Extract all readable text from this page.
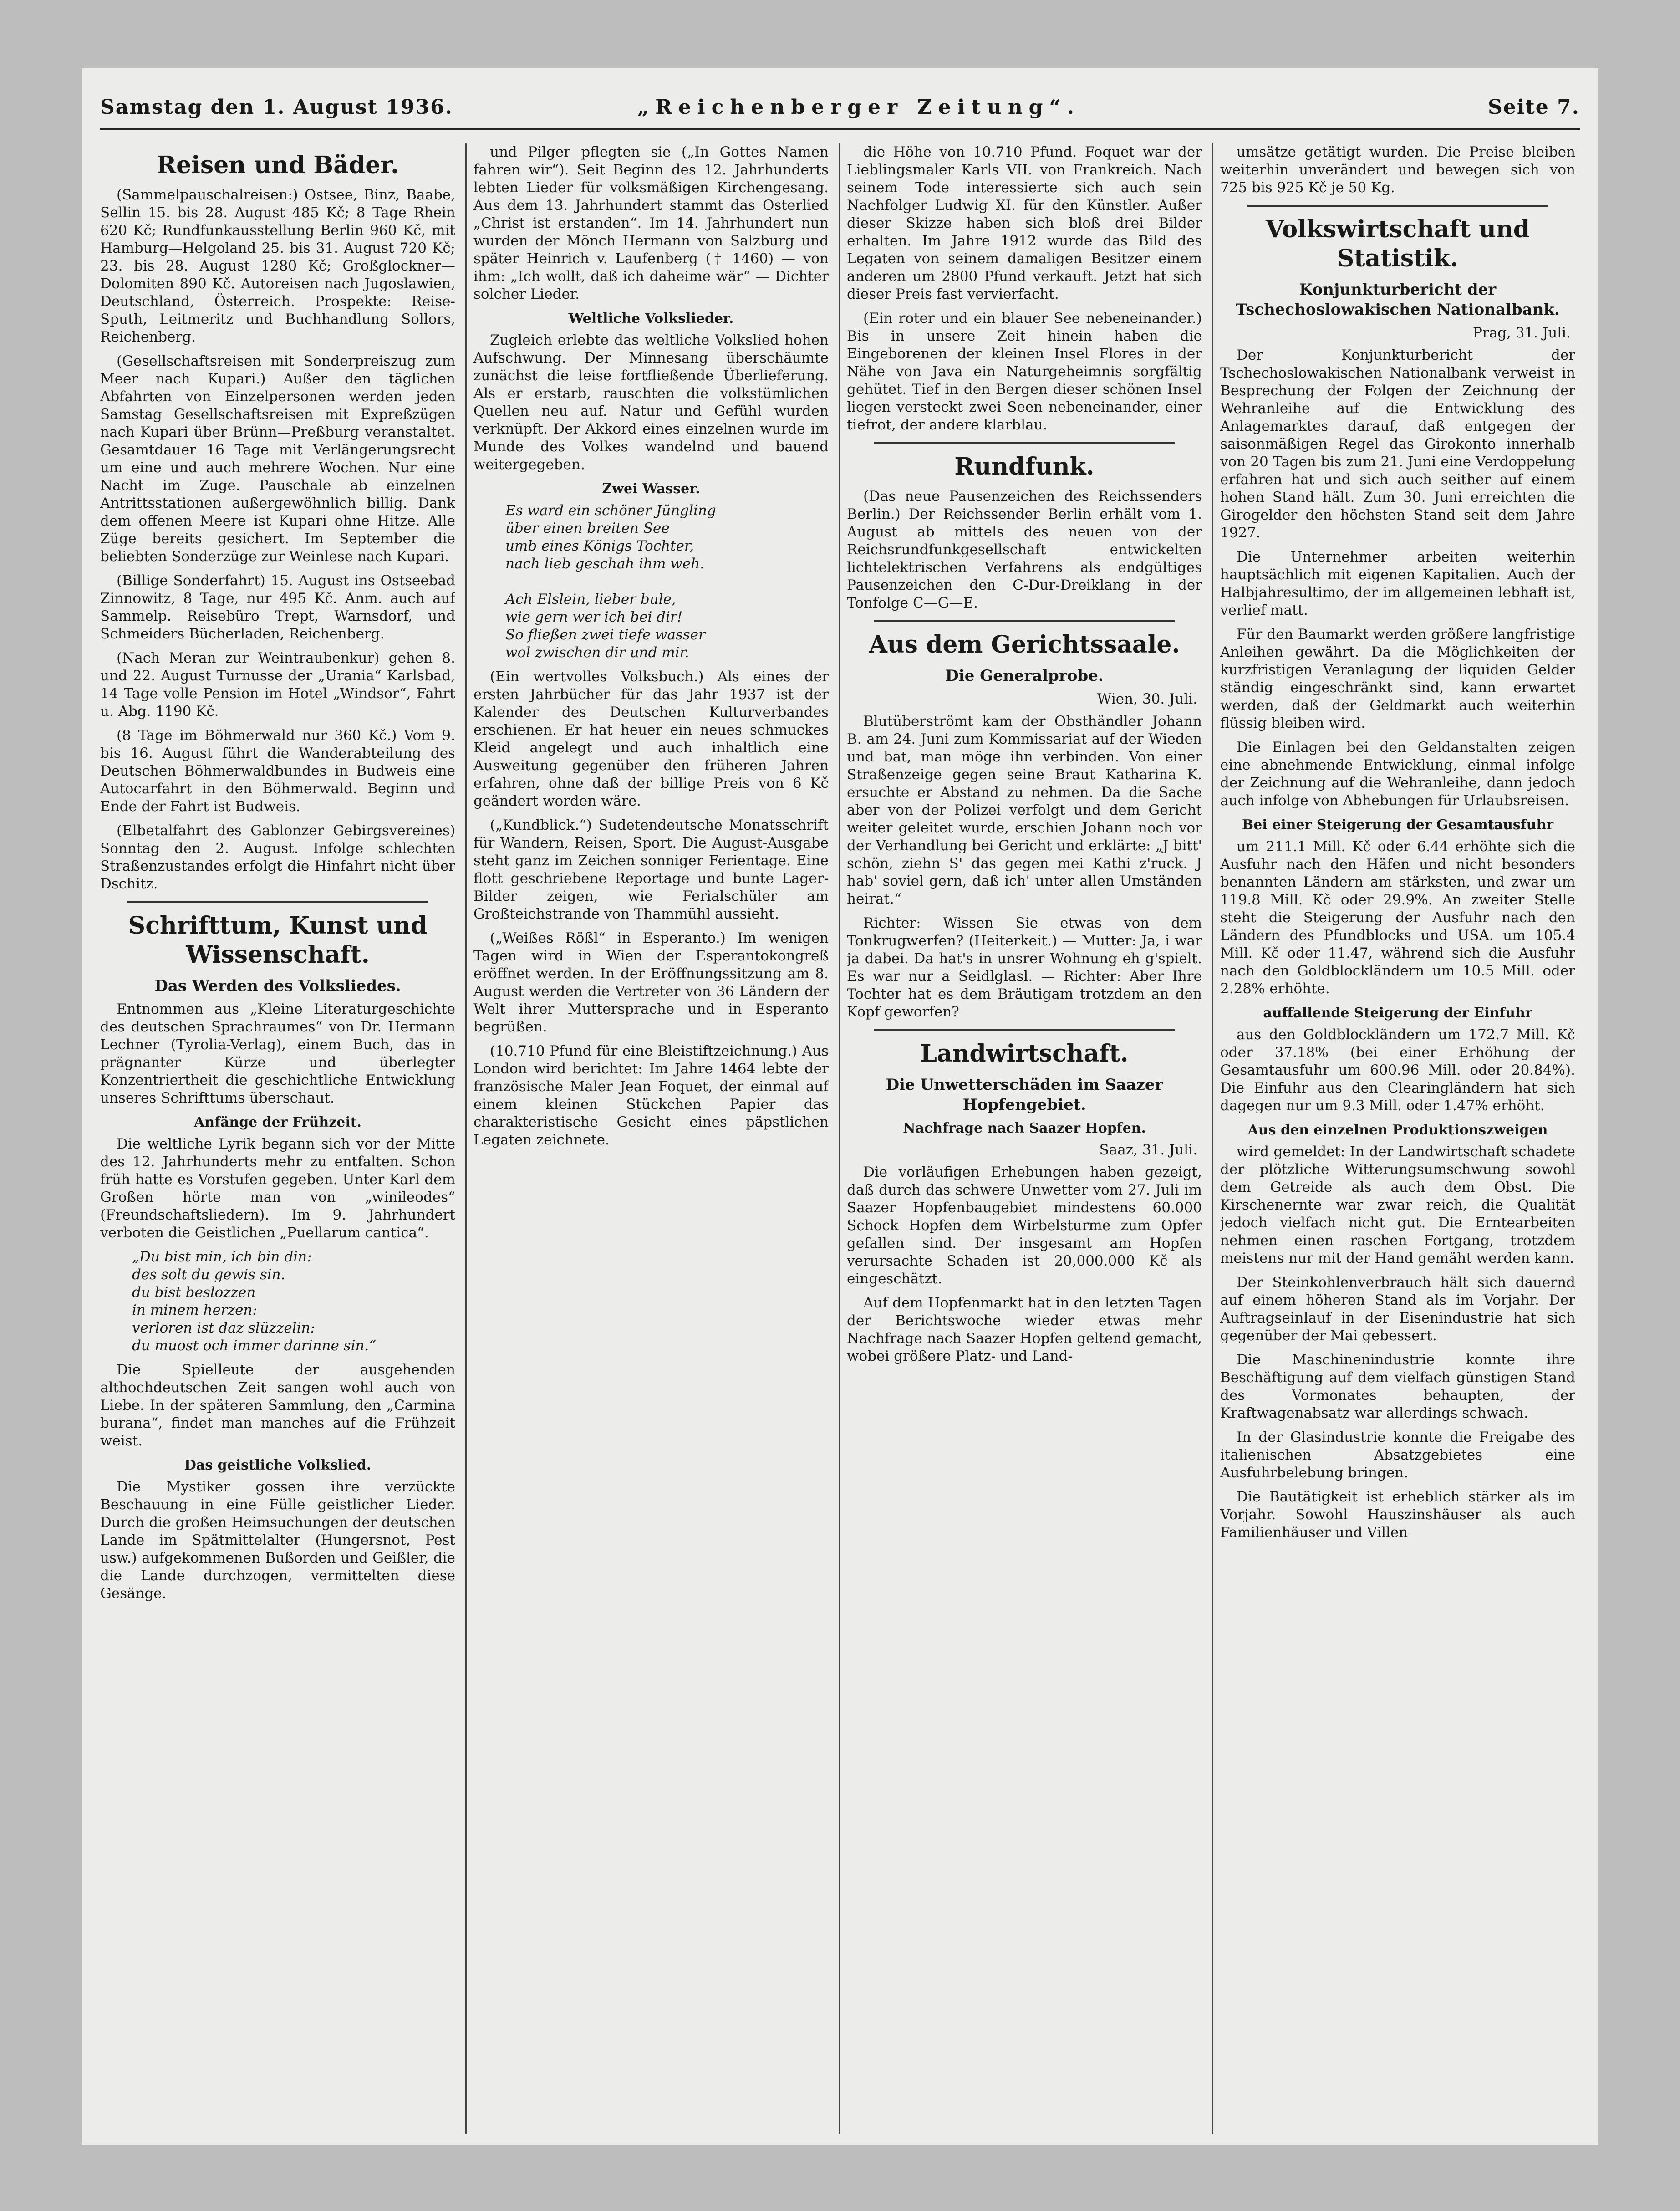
Samstag den 1. August 1936.	„Reichenberger Zeitung“.	Seite 7.
Reisen und Bäder.

(Sammelpauschalreisen:) Ostsee, Binz, Baabe, Sellin 15. bis 28. August 485 Kč; 8 Tage Rhein 620 Kč; Rundfunkausstellung Berlin 960 Kč, mit Hamburg—Helgoland 25. bis 31. August 720 Kč; 23. bis 28. August 1280 Kč; Großglockner—Dolomiten 890 Kč. Autoreisen nach Jugoslawien, Deutschland, Österreich. Prospekte: Reise-Sputh, Leitmeritz und Buchhandlung Sollors, Reichenberg.

(Gesellschaftsreisen mit Sonderpreiszug zum Meer nach Kupari.) Außer den täglichen Abfahrten von Einzelpersonen werden jeden Samstag Gesellschaftsreisen mit Expreßzügen nach Kupari über Brünn—Preßburg veranstaltet. Gesamtdauer 16 Tage mit Verlängerungsrecht um eine und auch mehrere Wochen. Nur eine Nacht im Zuge. Pauschale ab einzelnen Antrittsstationen außergewöhnlich billig. Dank dem offenen Meere ist Kupari ohne Hitze. Alle Züge bereits gesichert. Im September die beliebten Sonderzüge zur Weinlese nach Kupari.

(Billige Sonderfahrt) 15. August ins Ostseebad Zinnowitz, 8 Tage, nur 495 Kč. Anm. auch auf Sammelp. Reisebüro Trept, Warnsdorf, und Schmeiders Bücherladen, Reichenberg.

(Nach Meran zur Weintraubenkur) gehen 8. und 22. August Turnusse der „Urania“ Karlsbad, 14 Tage volle Pension im Hotel „Windsor“, Fahrt u. Abg. 1190 Kč.

(8 Tage im Böhmerwald nur 360 Kč.) Vom 9. bis 16. August führt die Wanderabteilung des Deutschen Böhmerwaldbundes in Budweis eine Autocarfahrt in den Böhmerwald. Beginn und Ende der Fahrt ist Budweis.

(Elbetalfahrt des Gablonzer Gebirgsvereines) Sonntag den 2. August. Infolge schlechten Straßenzustandes erfolgt die Hinfahrt nicht über Dschitz.

Schrifttum, Kunst und Wissenschaft.
Das Werden des Volksliedes.

Entnommen aus „Kleine Literaturgeschichte des deutschen Sprachraumes“ von Dr. Hermann Lechner (Tyrolia-Verlag), einem Buch, das in prägnanter Kürze und überlegter Konzentriertheit die geschichtliche Entwicklung unseres Schrifttums überschaut.

Anfänge der Frühzeit.

Die weltliche Lyrik begann sich vor der Mitte des 12. Jahrhunderts mehr zu entfalten. Schon früh hatte es Vorstufen gegeben. Unter Karl dem Großen hörte man von „winileodes“ (Freundschaftsliedern). Im 9. Jahrhundert verboten die Geistlichen „Puellarum cantica“.

„Du bist min, ich bin din:
des solt du gewis sin.
du bist beslozzen
in minem herzen:
verloren ist daz slüzzelin:
du muost och immer darinne sin.“

Die Spielleute der ausgehenden althochdeutschen Zeit sangen wohl auch von Liebe. In der späteren Sammlung, den „Carmina burana“, findet man manches auf die Frühzeit weist.

Das geistliche Volkslied.

Die Mystiker gossen ihre verzückte Beschauung in eine Fülle geistlicher Lieder. Durch die großen Heimsuchungen der deutschen Lande im Spätmittelalter (Hungersnot, Pest usw.) aufgekommenen Bußorden und Geißler, die die Lande durchzogen, vermittelten diese Gesänge.

und Pilger pflegten sie („In Gottes Namen fahren wir“). Seit Beginn des 12. Jahrhunderts lebten Lieder für volksmäßigen Kirchengesang. Aus dem 13. Jahrhundert stammt das Osterlied „Christ ist erstanden“. Im 14. Jahrhundert nun wurden der Mönch Hermann von Salzburg und später Heinrich v. Laufenberg († 1460) — von ihm: „Ich wollt, daß ich daheime wär“ — Dichter solcher Lieder.

Weltliche Volkslieder.

Zugleich erlebte das weltliche Volkslied hohen Aufschwung. Der Minnesang überschäumte zunächst die leise fortfließende Überlieferung. Als er erstarb, rauschten die volkstümlichen Quellen neu auf. Natur und Gefühl wurden verknüpft. Der Akkord eines einzelnen wurde im Munde des Volkes wandelnd und bauend weitergegeben.

Zwei Wasser.
Es ward ein schöner Jüngling
über einen breiten See
umb eines Königs Tochter,
nach lieb geschah ihm weh.

Ach Elslein, lieber bule,
wie gern wer ich bei dir!
So fließen zwei tiefe wasser
wol zwischen dir und mir.

(Ein wertvolles Volksbuch.) Als eines der ersten Jahrbücher für das Jahr 1937 ist der Kalender des Deutschen Kulturverbandes erschienen. Er hat heuer ein neues schmuckes Kleid angelegt und auch inhaltlich eine Ausweitung gegenüber den früheren Jahren erfahren, ohne daß der billige Preis von 6 Kč geändert worden wäre.

(„Kundblick.“) Sudetendeutsche Monatsschrift für Wandern, Reisen, Sport. Die August-Ausgabe steht ganz im Zeichen sonniger Ferientage. Eine flott geschriebene Reportage und bunte Lager-Bilder zeigen, wie Ferialschüler am Großteichstrande von Thammühl aussieht.

(„Weißes Rößl“ in Esperanto.) Im wenigen Tagen wird in Wien der Esperantokongreß eröffnet werden. In der Eröffnungssitzung am 8. August werden die Vertreter von 36 Ländern der Welt ihrer Muttersprache und in Esperanto begrüßen.

(10.710 Pfund für eine Bleistiftzeichnung.) Aus London wird berichtet: Im Jahre 1464 lebte der französische Maler Jean Foquet, der einmal auf einem kleinen Stückchen Papier das charakteristische Gesicht eines päpstlichen Legaten zeichnete.

die Höhe von 10.710 Pfund. Foquet war der Lieblingsmaler Karls VII. von Frankreich. Nach seinem Tode interessierte sich auch sein Nachfolger Ludwig XI. für den Künstler. Außer dieser Skizze haben sich bloß drei Bilder erhalten. Im Jahre 1912 wurde das Bild des Legaten von seinem damaligen Besitzer einem anderen um 2800 Pfund verkauft. Jetzt hat sich dieser Preis fast vervierfacht.

(Ein roter und ein blauer See nebeneinander.) Bis in unsere Zeit hinein haben die Eingeborenen der kleinen Insel Flores in der Nähe von Java ein Naturgeheimnis sorgfältig gehütet. Tief in den Bergen dieser schönen Insel liegen versteckt zwei Seen nebeneinander, einer tiefrot, der andere klarblau.

Rundfunk.

(Das neue Pausenzeichen des Reichssenders Berlin.) Der Reichssender Berlin erhält vom 1. August ab mittels des neuen von der Reichsrundfunkgesellschaft entwickelten lichtelektrischen Verfahrens als endgültiges Pausenzeichen den C-Dur-Dreiklang in der Tonfolge C—G—E.

Aus dem Gerichtssaale.
Die Generalprobe.

Wien, 30. Juli.

Blutüberströmt kam der Obsthändler Johann B. am 24. Juni zum Kommissariat auf der Wieden und bat, man möge ihn verbinden. Von einer Straßenzeige gegen seine Braut Katharina K. ersuchte er Abstand zu nehmen. Da die Sache aber von der Polizei verfolgt und dem Gericht weiter geleitet wurde, erschien Johann noch vor der Verhandlung bei Gericht und erklärte: „J bitt' schön, ziehn S' das gegen mei Kathi z'ruck. J hab' soviel gern, daß ich' unter allen Umständen heirat.“

Richter: Wissen Sie etwas von dem Tonkrugwerfen? (Heiterkeit.) — Mutter: Ja, i war ja dabei. Da hat's in unsrer Wohnung eh g'spielt. Es war nur a Seidlglasl. — Richter: Aber Ihre Tochter hat es dem Bräutigam trotzdem an den Kopf geworfen?

Landwirtschaft.
Die Unwetterschäden im Saazer Hopfengebiet.
Nachfrage nach Saazer Hopfen.

Saaz, 31. Juli.

Die vorläufigen Erhebungen haben gezeigt, daß durch das schwere Unwetter vom 27. Juli im Saazer Hopfenbaugebiet mindestens 60.000 Schock Hopfen dem Wirbelsturme zum Opfer gefallen sind. Der insgesamt am Hopfen verursachte Schaden ist 20,000.000 Kč als eingeschätzt.

Auf dem Hopfenmarkt hat in den letzten Tagen der Berichtswoche wieder etwas mehr Nachfrage nach Saazer Hopfen geltend gemacht, wobei größere Platz- und Land-

umsätze getätigt wurden. Die Preise bleiben weiterhin unverändert und bewegen sich von 725 bis 925 Kč je 50 Kg.

Volkswirtschaft und Statistik.
Konjunkturbericht der Tschechoslowakischen Nationalbank.

Prag, 31. Juli.

Der Konjunkturbericht der Tschechoslowakischen Nationalbank verweist in Besprechung der Folgen der Zeichnung der Wehranleihe auf die Entwicklung des Anlagemarktes darauf, daß entgegen der saisonmäßigen Regel das Girokonto innerhalb von 20 Tagen bis zum 21. Juni eine Verdoppelung erfahren hat und sich auch seither auf einem hohen Stand hält. Zum 30. Juni erreichten die Girogelder den höchsten Stand seit dem Jahre 1927.

Die Unternehmer arbeiten weiterhin hauptsächlich mit eigenen Kapitalien. Auch der Halbjahresultimo, der im allgemeinen lebhaft ist, verlief matt.

Für den Baumarkt werden größere langfristige Anleihen gewährt. Da die Möglichkeiten der kurzfristigen Veranlagung der liquiden Gelder ständig eingeschränkt sind, kann erwartet werden, daß der Geldmarkt auch weiterhin flüssig bleiben wird.

Die Einlagen bei den Geldanstalten zeigen eine abnehmende Entwicklung, einmal infolge der Zeichnung auf die Wehranleihe, dann jedoch auch infolge von Abhebungen für Urlaubsreisen.

Bei einer Steigerung der Gesamtausfuhr

um 211.1 Mill. Kč oder 6.44 erhöhte sich die Ausfuhr nach den Häfen und nicht besonders benannten Ländern am stärksten, und zwar um 119.8 Mill. Kč oder 29.9%. An zweiter Stelle steht die Steigerung der Ausfuhr nach den Ländern des Pfundblocks und USA. um 105.4 Mill. Kč oder 11.47, während sich die Ausfuhr nach den Goldblockländern um 10.5 Mill. oder 2.28% erhöhte.

auffallende Steigerung der Einfuhr

aus den Goldblockländern um 172.7 Mill. Kč oder 37.18% (bei einer Erhöhung der Gesamtausfuhr um 600.96 Mill. oder 20.84%). Die Einfuhr aus den Clearingländern hat sich dagegen nur um 9.3 Mill. oder 1.47% erhöht.

Aus den einzelnen Produktionszweigen

wird gemeldet: In der Landwirtschaft schadete der plötzliche Witterungsumschwung sowohl dem Getreide als auch dem Obst. Die Kirschenernte war zwar reich, die Qualität jedoch vielfach nicht gut. Die Erntearbeiten nehmen einen raschen Fortgang, trotzdem meistens nur mit der Hand gemäht werden kann.

Der Steinkohlenverbrauch hält sich dauernd auf einem höheren Stand als im Vorjahr. Der Auftragseinlauf in der Eisenindustrie hat sich gegenüber der Mai gebessert.

Die Maschinenindustrie konnte ihre Beschäftigung auf dem vielfach günstigen Stand des Vormonates behaupten, der Kraftwagenabsatz war allerdings schwach.

In der Glasindustrie konnte die Freigabe des italienischen Absatzgebietes eine Ausfuhrbelebung bringen.

Die Bautätigkeit ist erheblich stärker als im Vorjahr. Sowohl Hauszinshäuser als auch Familienhäuser und Villen
